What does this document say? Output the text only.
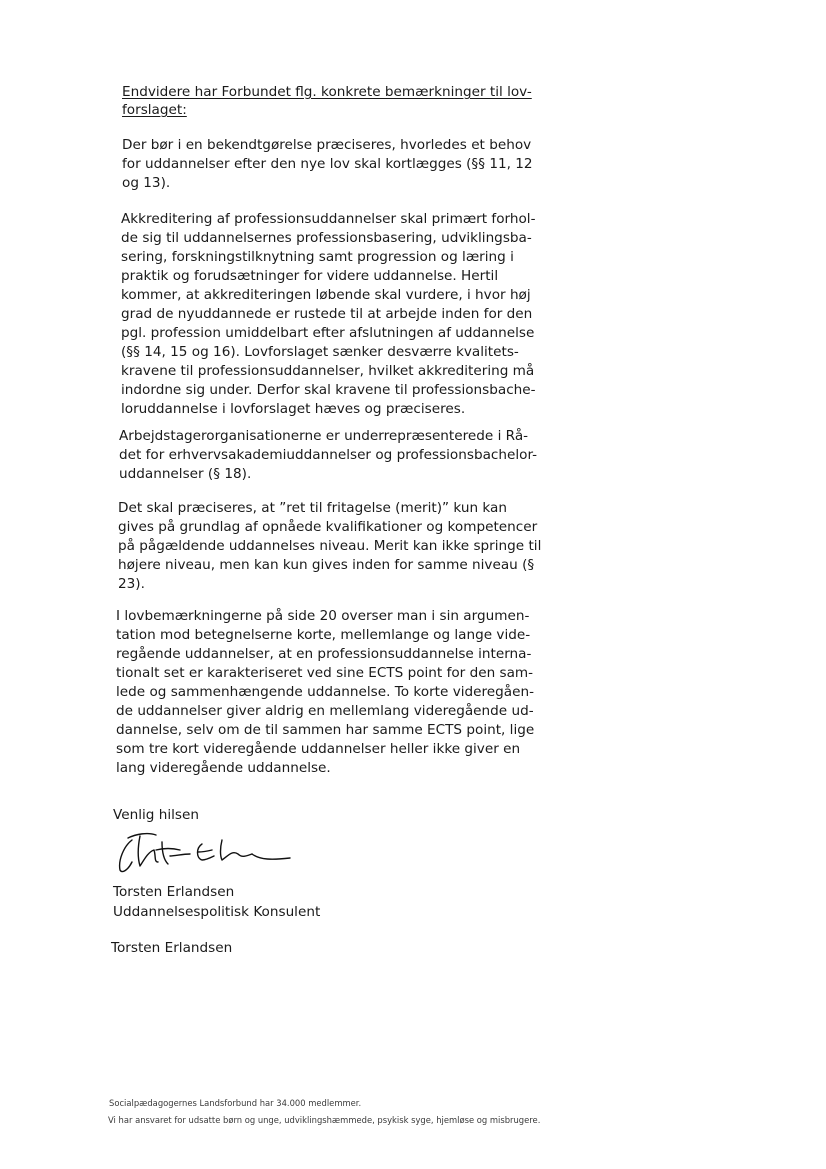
Endvidere har Forbundet flg. konkrete bemærkninger til lov-
forslaget:

Der bør i en bekendtgørelse præciseres, hvorledes et behov
for uddannelser efter den nye lov skal kortlægges (§§ 11, 12
og 13).

Akkreditering af professionsuddannelser skal primært forhol-
de sig til uddannelsernes professionsbasering, udviklingsba-
sering, forskningstilknytning samt progression og læring i
praktik og forudsætninger for videre uddannelse. Hertil
kommer, at akkrediteringen løbende skal vurdere, i hvor høj
grad de nyuddannede er rustede til at arbejde inden for den
pgl. profession umiddelbart efter afslutningen af uddannelse
(§§ 14, 15 og 16). Lovforslaget sænker desværre kvalitets-
kravene til professionsuddannelser, hvilket akkreditering må
indordne sig under. Derfor skal kravene til professionsbache-
loruddannelse i lovforslaget hæves og præciseres.

Arbejdstagerorganisationerne er underrepræsenterede i Rå-
det for erhvervsakademiuddannelser og professionsbachelor-
uddannelser (§ 18).

Det skal præciseres, at ”ret til fritagelse (merit)” kun kan
gives på grundlag af opnåede kvalifikationer og kompetencer
på pågældende uddannelses niveau. Merit kan ikke springe til
højere niveau, men kan kun gives inden for samme niveau (§
23).

I lovbemærkningerne på side 20 overser man i sin argumen-
tation mod betegnelserne korte, mellemlange og lange vide-
regående uddannelser, at en professionsuddannelse interna-
tionalt set er karakteriseret ved sine ECTS point for den sam-
lede og sammenhængende uddannelse. To korte videregåen-
de uddannelser giver aldrig en mellemlang videregående ud-
dannelse, selv om de til sammen har samme ECTS point, lige
som tre kort videregående uddannelser heller ikke giver en
lang videregående uddannelse.

Venlig hilsen

Torsten Erlandsen

Uddannelsespolitisk Konsulent

Torsten Erlandsen

Socialpædagogernes Landsforbund har 34.000 medlemmer.

Vi har ansvaret for udsatte børn og unge, udviklingshæmmede, psykisk syge, hjemløse og misbrugere.
